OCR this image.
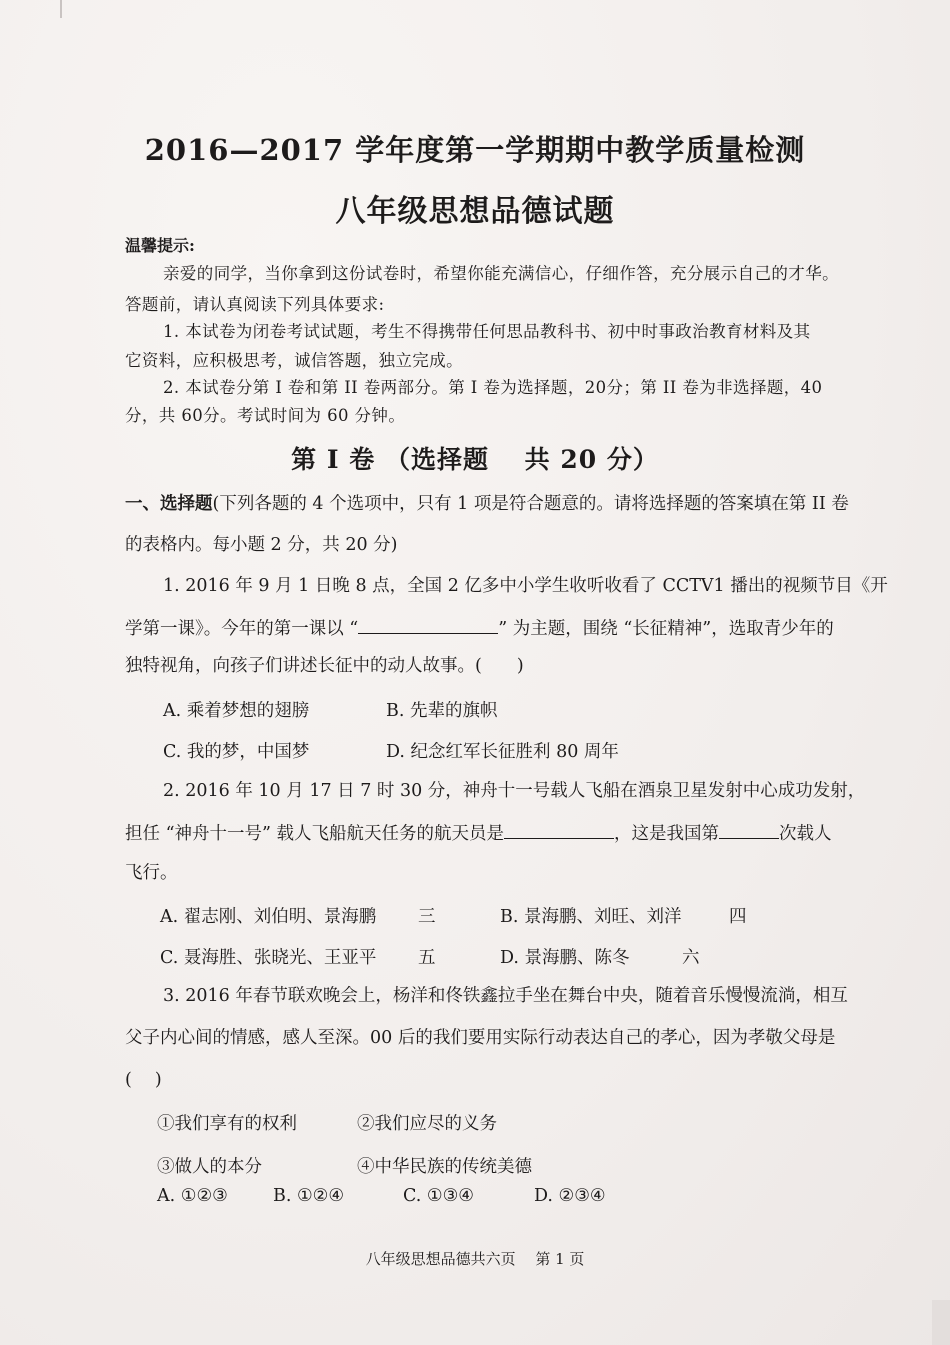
2016—2017 学年度第一学期期中教学质量检测
八年级思想品德试题
温馨提示:
亲爱的同学，当你拿到这份试卷时，希望你能充满信心，仔细作答，充分展示自己的才华。
答题前，请认真阅读下列具体要求:
1. 本试卷为闭卷考试试题，考生不得携带任何思品教科书、初中时事政治教育材料及其
它资料，应积极思考，诚信答题，独立完成。
2. 本试卷分第 I 卷和第 II 卷两部分。第 I 卷为选择题，20分；第 II 卷为非选择题，40
分，共 60分。考试时间为 60 分钟。
第 I 卷 （选择题　 共 20 分）
一、选择题(下列各题的 4 个选项中，只有 1 项是符合题意的。请将选择题的答案填在第 II 卷
的表格内。每小题 2 分，共 20 分)
1. 2016 年 9 月 1 日晚 8 点，全国 2 亿多中小学生收听收看了 CCTV1 播出的视频节目《开
学第一课》。今年的第一课以 “	” 为主题，围绕 “长征精神”，选取青少年的
独特视角，向孩子们讲述长征中的动人故事。(　　)
A. 乘着梦想的翅膀	B. 先辈的旗帜
C. 我的梦，中国梦	D. 纪念红军长征胜利 80 周年
2. 2016 年 10 月 17 日 7 时 30 分，神舟十一号载人飞船在酒泉卫星发射中心成功发射，
担任 “神舟十一号” 载人飞船航天任务的航天员是	，这是我国第	次载人
飞行。
A. 翟志刚、刘伯明、景海鹏 三	B. 景海鹏、刘旺、刘洋	四
C. 聂海胜、张晓光、王亚平 五	D. 景海鹏、陈冬	六
3. 2016 年春节联欢晚会上，杨洋和佟铁鑫拉手坐在舞台中央，随着音乐慢慢流淌，相互
父子内心间的情感，感人至深。00 后的我们要用实际行动表达自己的孝心，因为孝敬父母是
(　 )
①我们享有的权利	②我们应尽的义务
③做人的本分	④中华民族的传统美德
A. ①②③	B. ①②④	C. ①③④	D. ②③④
八年级思想品德共六页　 第 1 页
